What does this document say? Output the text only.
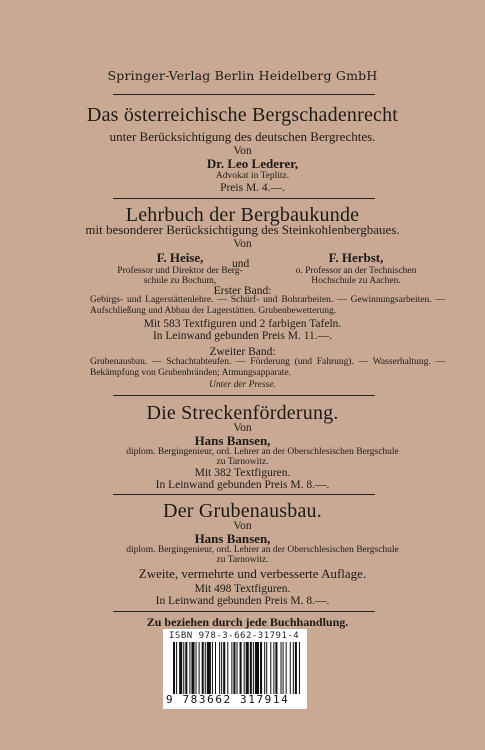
Springer-Verlag Berlin Heidelberg GmbH
Das österreichische Bergschadenrecht
unter Berücksichtigung des deutschen Bergrechtes.
Von
Dr. Leo Lederer,
Advokat in Teplitz.
Preis M. 4.—.
Lehrbuch der Bergbaukunde
mit besonderer Berücksichtigung des Steinkohlenbergbaues.
Von
F. Heise,
Professor und Direktor der Berg-
schule zu Bochum,
und	F. Herbst,
o. Professor an der Technischen
Hochschule zu Aachen.
Erster Band:
Gebirgs- und Lagerstättenlehre. — Schürf- und Bohrarbeiten. — Gewinnungsarbeiten. — Aufschließung und Abbau der Lagerstätten. Grubenbewetterung.
Mit 583 Textfiguren und 2 farbigen Tafeln.
In Leinwand gebunden Preis M. 11.—.
Zweiter Band:
Grubenausbau. — Schachtabteufen. — Förderung (und Fahrung). — Wasserhaltung. — Bekämpfung von Grubenbränden; Atmungsapparate.
Unter der Presse.
Die Streckenförderung.
Von
Hans Bansen,
diplom. Bergingenieur, ord. Lehrer an der Oberschlesischen Bergschule
zu Tarnowitz.
Mit 382 Textfiguren.
In Leinwand gebunden Preis M. 8.—.
Der Grubenausbau.
Von
Hans Bansen,
diplom. Bergingenieur, ord. Lehrer an der Oberschlesischen Bergschule
zu Tarnowitz.
Zweite, vermehrte und verbesserte Auflage.
Mit 498 Textfiguren.
In Leinwand gebunden Preis M. 8.—.
Zu beziehen durch jede Buchhandlung.
ISBN 978-3-662-31791-4
9 783662 317914
